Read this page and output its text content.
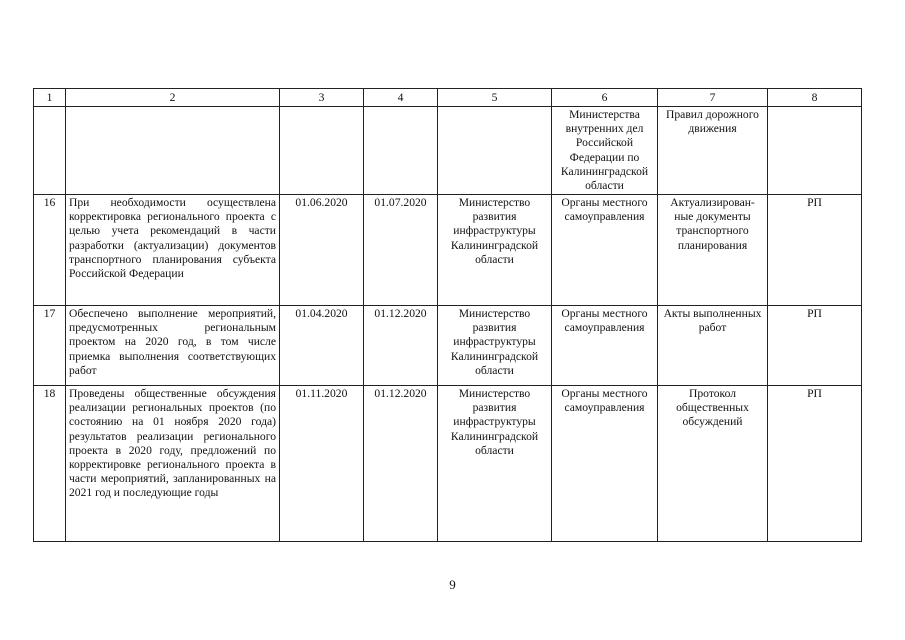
1	2	3	4	5	6	7	8
					Министерства внутренних дел Российской Федерации по Калининградской области	Правил дорожного движения	
16	При необходимости осуществлена корректировка регионального проекта с целью учета рекомендаций в части разработки (актуализации) документов транспортного планирования субъекта Российской Федерации	01.06.2020	01.07.2020	Министерство развития инфраструктуры Калининградской области	Органы местного самоуправления	Актуализирован-ные документы транспортного планирования	РП
17	Обеспечено выполнение мероприятий, предусмотренных региональным проектом на 2020 год, в том числе приемка выполнения соответствующих работ	01.04.2020	01.12.2020	Министерство развития инфраструктуры Калининградской области	Органы местного самоуправления	Акты выполненных работ	РП
18	Проведены общественные обсуждения реализации региональных проектов (по состоянию на 01 ноября 2020 года) результатов реализации регионального проекта в 2020 году, предложений по корректировке регионального проекта в части мероприятий, запланированных на 2021 год и последующие годы	01.11.2020	01.12.2020	Министерство развития инфраструктуры Калининградской области	Органы местного самоуправления	Протокол общественных обсуждений	РП
9
